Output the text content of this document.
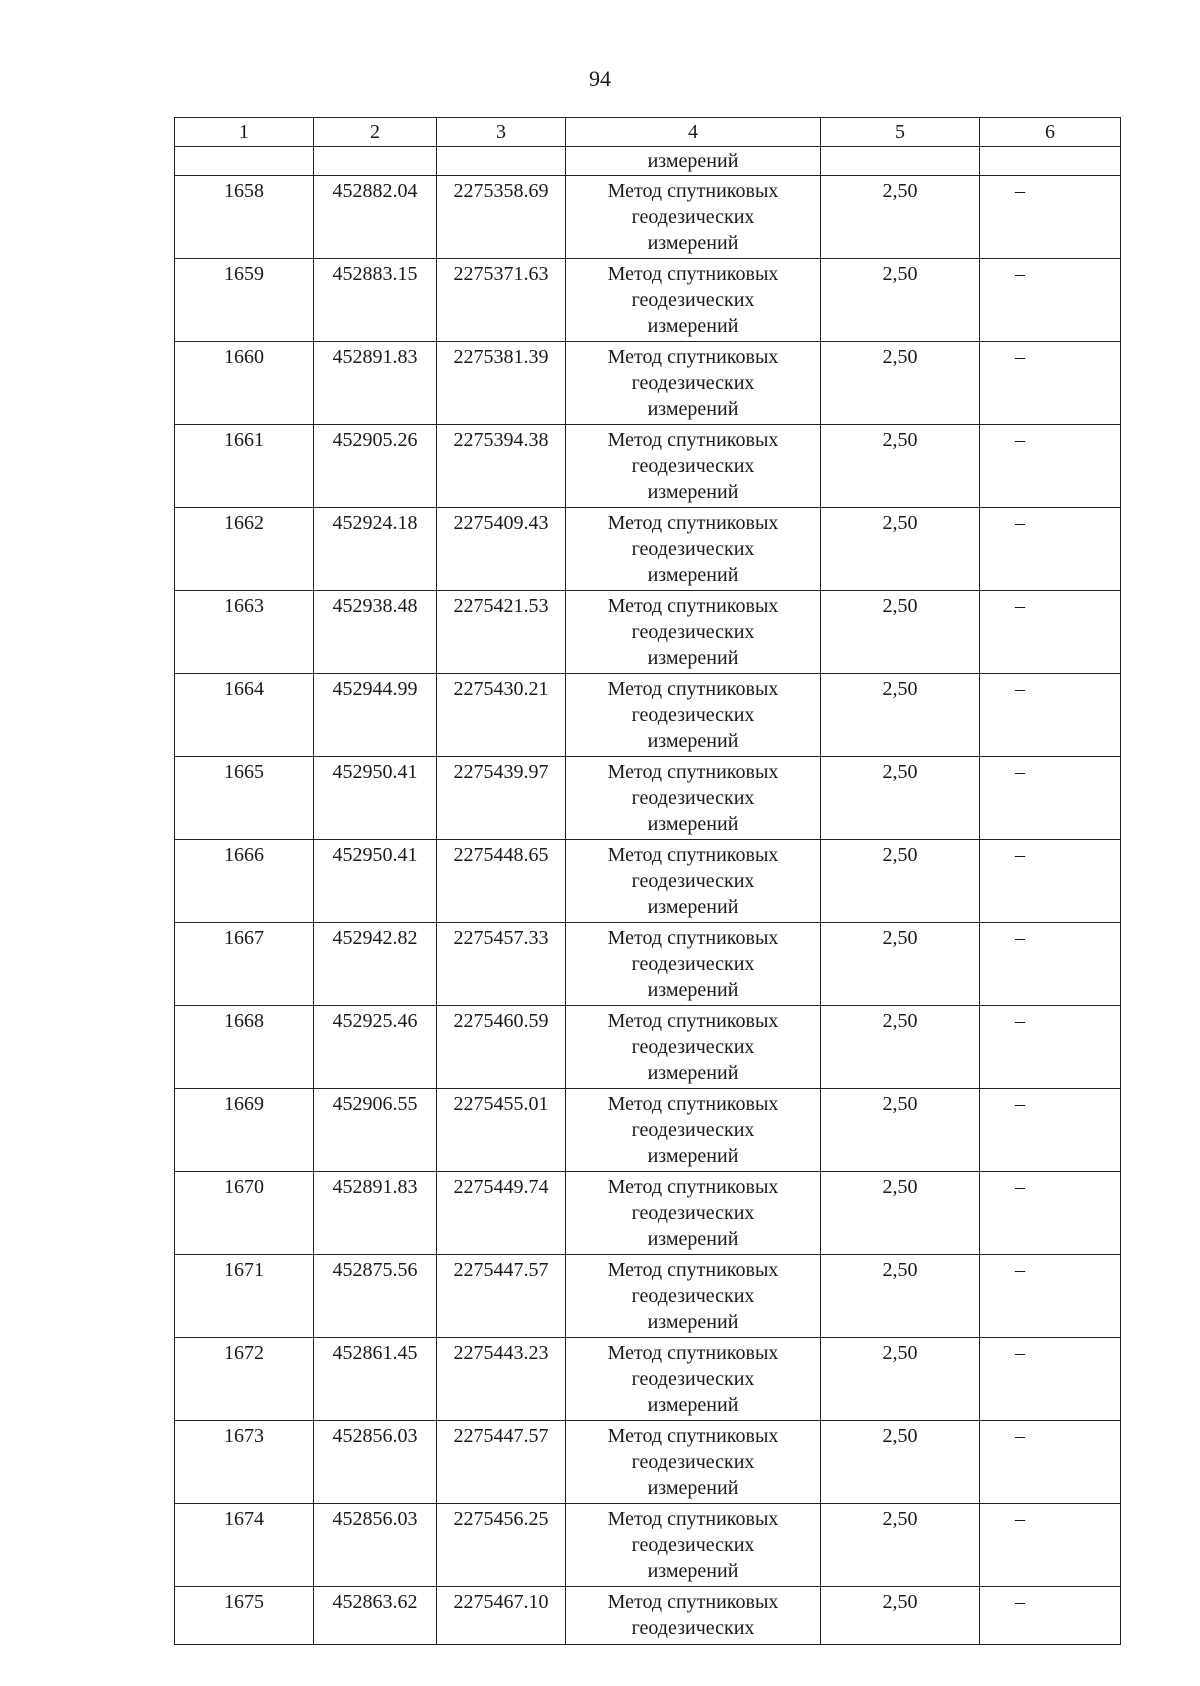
94
1	2	3	4	5	6
			измерений		
1658	452882.04	2275358.69	Метод спутниковых
геодезических
измерений	2,50	–
1659	452883.15	2275371.63	Метод спутниковых
геодезических
измерений	2,50	–
1660	452891.83	2275381.39	Метод спутниковых
геодезических
измерений	2,50	–
1661	452905.26	2275394.38	Метод спутниковых
геодезических
измерений	2,50	–
1662	452924.18	2275409.43	Метод спутниковых
геодезических
измерений	2,50	–
1663	452938.48	2275421.53	Метод спутниковых
геодезических
измерений	2,50	–
1664	452944.99	2275430.21	Метод спутниковых
геодезических
измерений	2,50	–
1665	452950.41	2275439.97	Метод спутниковых
геодезических
измерений	2,50	–
1666	452950.41	2275448.65	Метод спутниковых
геодезических
измерений	2,50	–
1667	452942.82	2275457.33	Метод спутниковых
геодезических
измерений	2,50	–
1668	452925.46	2275460.59	Метод спутниковых
геодезических
измерений	2,50	–
1669	452906.55	2275455.01	Метод спутниковых
геодезических
измерений	2,50	–
1670	452891.83	2275449.74	Метод спутниковых
геодезических
измерений	2,50	–
1671	452875.56	2275447.57	Метод спутниковых
геодезических
измерений	2,50	–
1672	452861.45	2275443.23	Метод спутниковых
геодезических
измерений	2,50	–
1673	452856.03	2275447.57	Метод спутниковых
геодезических
измерений	2,50	–
1674	452856.03	2275456.25	Метод спутниковых
геодезических
измерений	2,50	–
1675	452863.62	2275467.10	Метод спутниковых
геодезических	2,50	–
